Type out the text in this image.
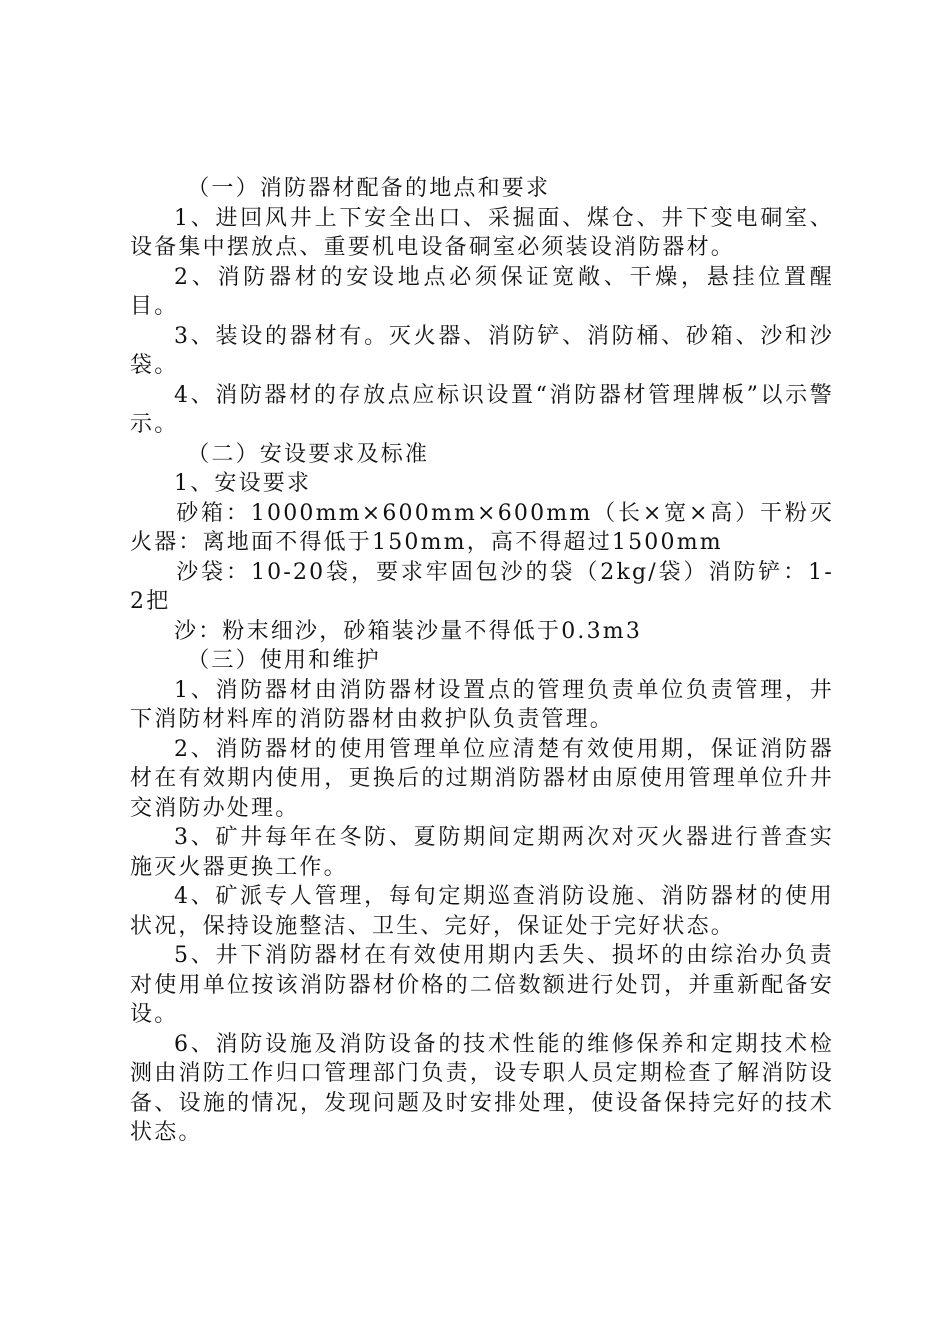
（一）消防器材配备的地点和要求

1、进回风井上下安全出口、采掘面、煤仓、井下变电硐室、设备集中摆放点、重要机电设备硐室必须装设消防器材。

2、消防器材的安设地点必须保证宽敞、干燥，悬挂位置醒目。

3、装设的器材有。灭火器、消防铲、消防桶、砂箱、沙和沙袋。

4、消防器材的存放点应标识设置“消防器材管理牌板”以示警示。

（二）安设要求及标准

1、安设要求

砂箱：1000mm×600mm×600mm（长×宽×高）干粉灭火器：离地面不得低于150mm，高不得超过1500mm

沙袋：10-20袋，要求牢固包沙的袋（2kg/袋）消防铲：1-2把

沙：粉末细沙，砂箱装沙量不得低于0.3m3

（三）使用和维护

1、消防器材由消防器材设置点的管理负责单位负责管理，井下消防材料库的消防器材由救护队负责管理。

2、消防器材的使用管理单位应清楚有效使用期，保证消防器材在有效期内使用，更换后的过期消防器材由原使用管理单位升井交消防办处理。

3、矿井每年在冬防、夏防期间定期两次对灭火器进行普查实施灭火器更换工作。

4、矿派专人管理，每旬定期巡查消防设施、消防器材的使用状况，保持设施整洁、卫生、完好，保证处于完好状态。

5、井下消防器材在有效使用期内丢失、损坏的由综治办负责对使用单位按该消防器材价格的二倍数额进行处罚，并重新配备安设。

6、消防设施及消防设备的技术性能的维修保养和定期技术检测由消防工作归口管理部门负责，设专职人员定期检查了解消防设备、设施的情况，发现问题及时安排处理，使设备保持完好的技术状态。
